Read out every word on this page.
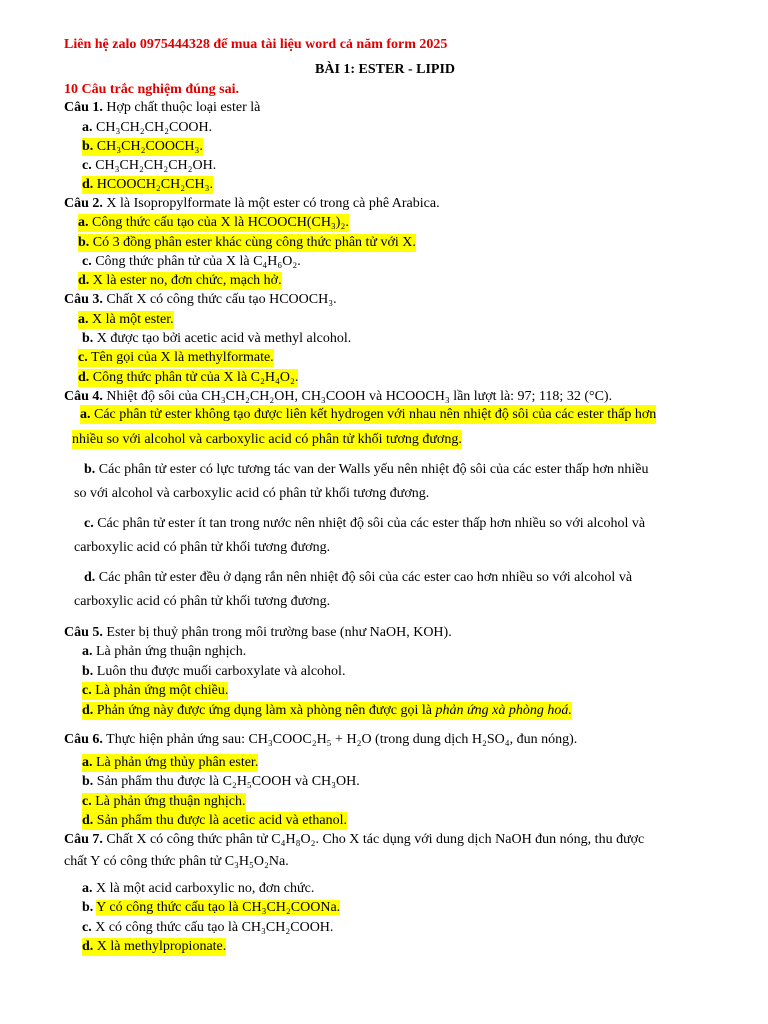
Liên hệ zalo 0975444328 để mua tài liệu word cả năm form 2025
BÀI 1: ESTER - LIPID
10 Câu trắc nghiệm đúng sai.
Câu 1. Hợp chất thuộc loại ester là
a. CH₃CH₂CH₂COOH.
b. CH₃CH₂COOCH₃.
c. CH₃CH₂CH₂CH₂OH.
d. HCOOCH₂CH₂CH₃.
Câu 2. X là Isopropylformate là một ester có trong cà phê Arabica.
a. Công thức cấu tạo của X là HCOOCH(CH₃)₂.
b. Có 3 đồng phân ester khác cùng công thức phân tử với X.
c. Công thức phân tử của X là C₄H₆O₂.
d. X là ester no, đơn chức, mạch hở.
Câu 3. Chất X có công thức cấu tạo HCOOCH₃.
a. X là một ester.
b. X được tạo bởi acetic acid và methyl alcohol.
c. Tên gọi của X là methylformate.
d. Công thức phân tử của X là C₂H₄O₂.
Câu 4. Nhiệt độ sôi của CH₃CH₂CH₂OH, CH₃COOH và HCOOCH₃ lần lượt là: 97; 118; 32 (°C).
a. Các phân tử ester không tạo được liên kết hydrogen với nhau nên nhiệt độ sôi của các ester thấp hơn
nhiều so với alcohol và carboxylic acid có phân tử khối tương đương.
b. Các phân tử ester có lực tương tác van der Walls yếu nên nhiệt độ sôi của các ester thấp hơn nhiều
so với alcohol và carboxylic acid có phân tử khối tương đương.
c. Các phân tử ester ít tan trong nước nên nhiệt độ sôi của các ester thấp hơn nhiều so với alcohol và
carboxylic acid có phân tử khối tương đương.
d. Các phân tử ester đều ở dạng rắn nên nhiệt độ sôi của các ester cao hơn nhiều so với alcohol và
carboxylic acid có phân tử khối tương đương.
Câu 5. Ester bị thuỷ phân trong môi trường base (như NaOH, KOH).
a. Là phản ứng thuận nghịch.
b. Luôn thu được muối carboxylate và alcohol.
c. Là phản ứng một chiều.
d. Phản ứng này được ứng dụng làm xà phòng nên được gọi là phản ứng xà phòng hoá.
Câu 6. Thực hiện phản ứng sau: CH₃COOC₂H₅ + H₂O (trong dung dịch H₂SO₄, đun nóng).
a. Là phản ứng thủy phân ester.
b. Sản phẩm thu được là C₂H₅COOH và CH₃OH.
c. Là phản ứng thuận nghịch.
d. Sản phẩm thu được là acetic acid và ethanol.
Câu 7. Chất X có công thức phân tử C₄H₈O₂. Cho X tác dụng với dung dịch NaOH đun nóng, thu được
chất Y có công thức phân tử C₃H₅O₂Na.
a. X là một acid carboxylic no, đơn chức.
b. Y có công thức cấu tạo là CH₃CH₂COONa.
c. X có công thức cấu tạo là CH₃CH₂COOH.
d. X là methylpropionate.
